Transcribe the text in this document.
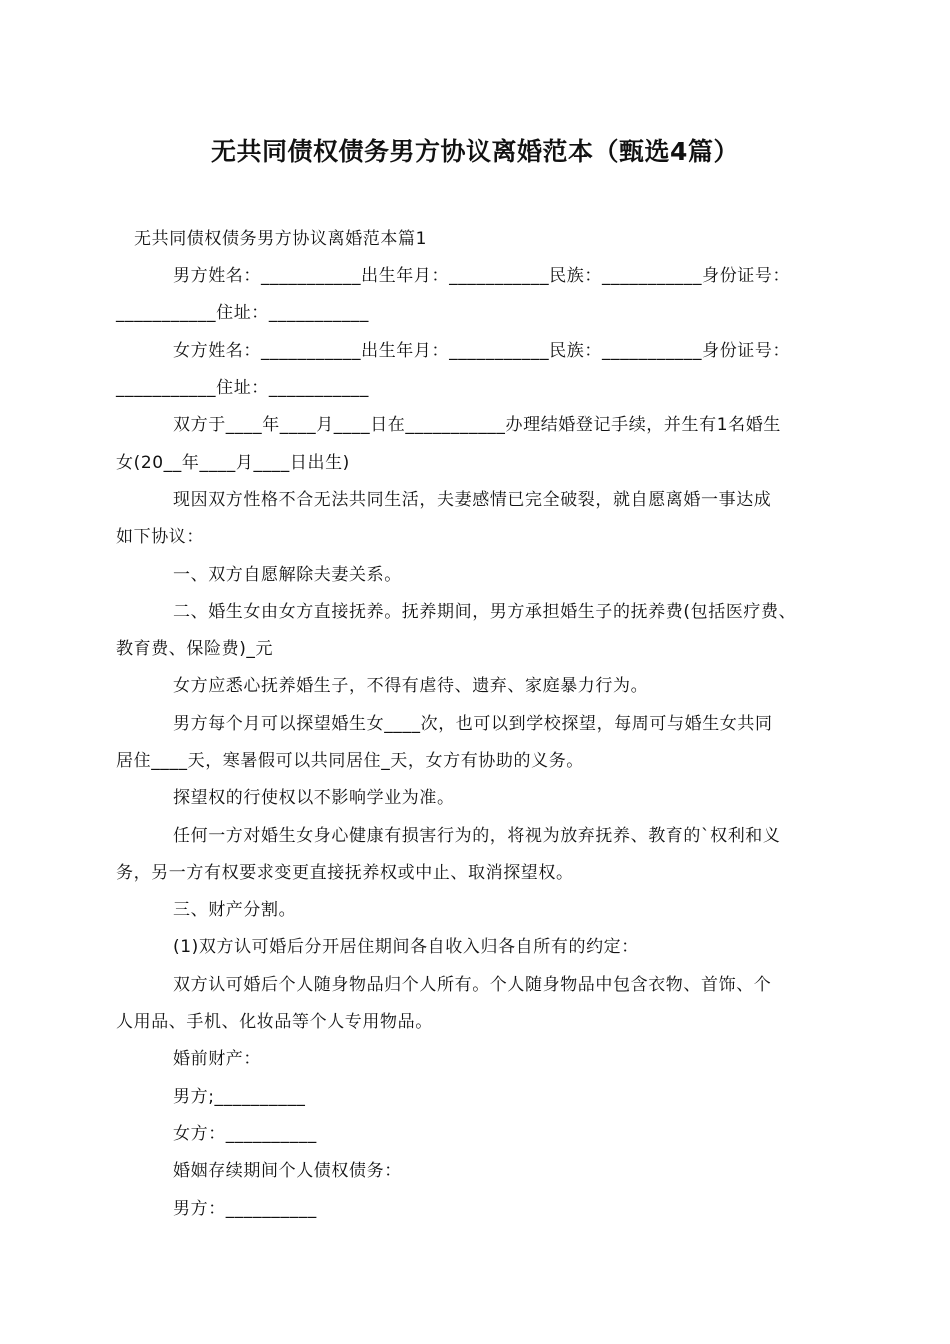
无共同债权债务男方协议离婚范本（甄选4篇）
无共同债权债务男方协议离婚范本篇1
男方姓名：___________出生年月：___________民族：___________身份证号：
___________住址：___________
女方姓名：___________出生年月：___________民族：___________身份证号：
___________住址：___________
双方于____年____月____日在___________办理结婚登记手续，并生有1名婚生
女(20__年____月____日出生)
现因双方性格不合无法共同生活，夫妻感情已完全破裂，就自愿离婚一事达成
如下协议：
一、双方自愿解除夫妻关系。
二、婚生女由女方直接抚养。抚养期间，男方承担婚生子的抚养费(包括医疗费、
教育费、保险费)_元
女方应悉心抚养婚生子，不得有虐待、遗弃、家庭暴力行为。
男方每个月可以探望婚生女____次，也可以到学校探望，每周可与婚生女共同
居住____天，寒暑假可以共同居住_天，女方有协助的义务。
探望权的行使权以不影响学业为准。
任何一方对婚生女身心健康有损害行为的，将视为放弃抚养、教育的`权利和义
务，另一方有权要求变更直接抚养权或中止、取消探望权。
三、财产分割。
(1)双方认可婚后分开居住期间各自收入归各自所有的约定：
双方认可婚后个人随身物品归个人所有。个人随身物品中包含衣物、首饰、个
人用品、手机、化妆品等个人专用物品。
婚前财产：
男方;__________
女方：__________
婚姻存续期间个人债权债务：
男方：__________
